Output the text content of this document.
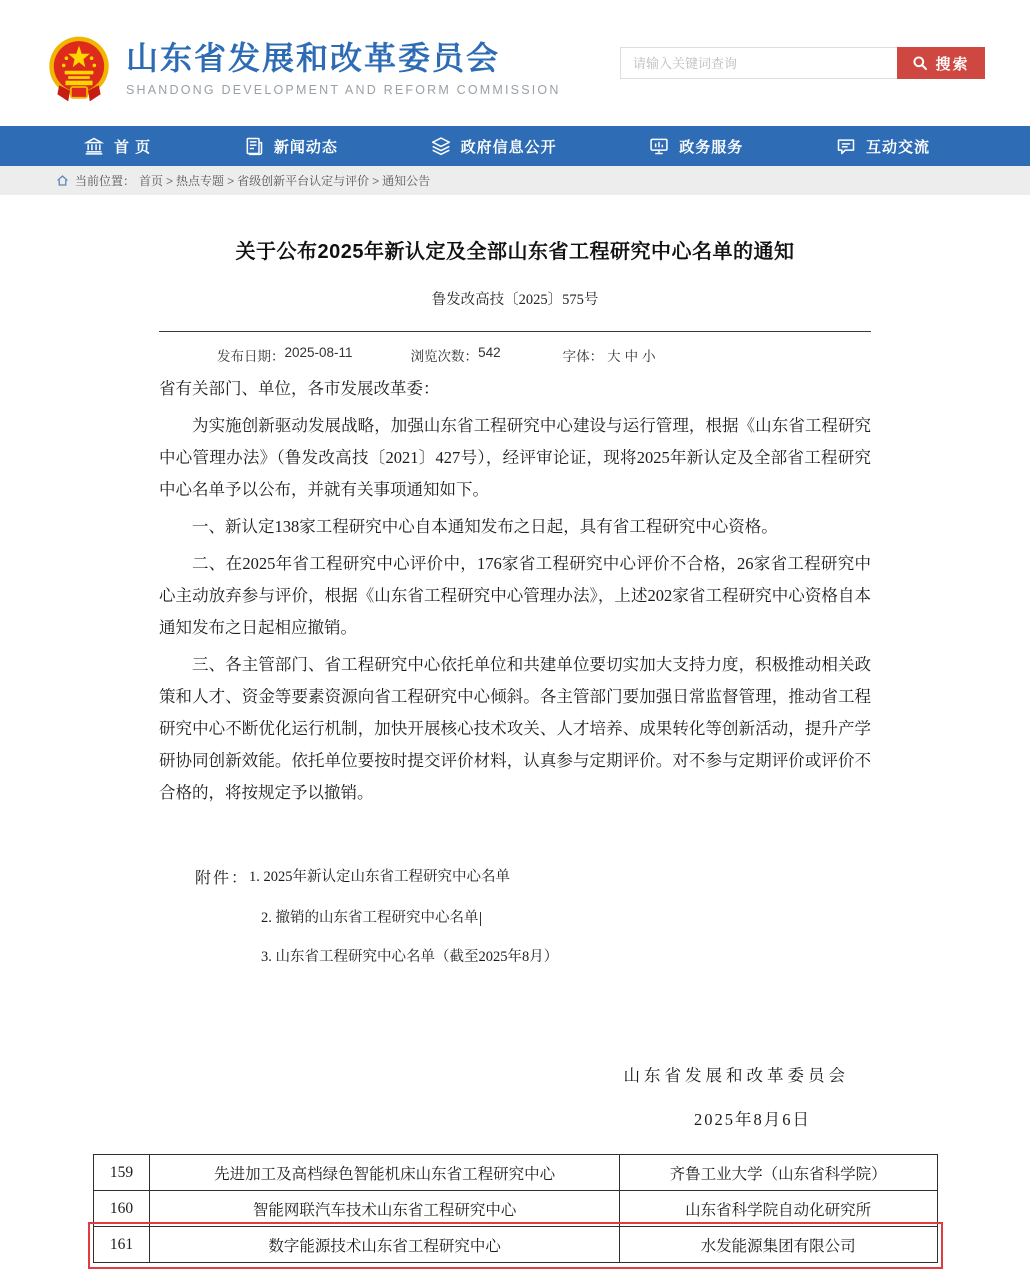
山东省发展和改革委员会
SHANDONG DEVELOPMENT AND REFORM COMMISSION
请输入关键词查询
搜索
首 页	新闻动态	政府信息公开	政务服务	互动交流
当前位置： 首页 > 热点专题 > 省级创新平台认定与评价 > 通知公告
关于公布2025年新认定及全部山东省工程研究中心名单的通知
鲁发改高技〔2025〕575号
发布日期： 2025-08-11	浏览次数： 542	字体： 大 中 小
省有关部门、单位，各市发展改革委：

为实施创新驱动发展战略，加强山东省工程研究中心建设与运行管理，根据《山东省工程研究中心管理办法》（鲁发改高技〔2021〕427号），经评审论证，现将2025年新认定及全部省工程研究中心名单予以公布，并就有关事项通知如下。

一、新认定138家工程研究中心自本通知发布之日起，具有省工程研究中心资格。

二、在2025年省工程研究中心评价中，176家省工程研究中心评价不合格，26家省工程研究中心主动放弃参与评价，根据《山东省工程研究中心管理办法》，上述202家省工程研究中心资格自本通知发布之日起相应撤销。

三、各主管部门、省工程研究中心依托单位和共建单位要切实加大支持力度，积极推动相关政策和人才、资金等要素资源向省工程研究中心倾斜。各主管部门要加强日常监督管理，推动省工程研究中心不断优化运行机制，加快开展核心技术攻关、人才培养、成果转化等创新活动，提升产学研协同创新效能。依托单位要按时提交评价材料，认真参与定期评价。对不参与定期评价或评价不合格的，将按规定予以撤销。

附件： 1. 2025年新认定山东省工程研究中心名单
2. 撤销的山东省工程研究中心名单
3. 山东省工程研究中心名单（截至2025年8月）
山东省发展和改革委员会
2025年8月6日
159	先进加工及高档绿色智能机床山东省工程研究中心	齐鲁工业大学（山东省科学院）
160	智能网联汽车技术山东省工程研究中心	山东省科学院自动化研究所
161	数字能源技术山东省工程研究中心	水发能源集团有限公司
